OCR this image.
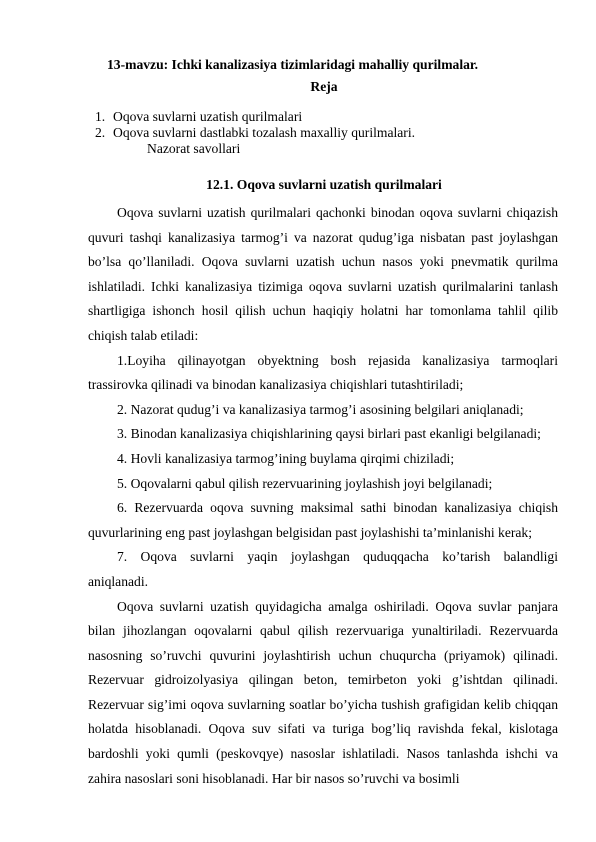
13-mavzu: Ichki kanalizasiya tizimlaridagi mahalliy qurilmalar.
Reja
1. Oqova suvlarni uzatish qurilmalari
2. Oqova suvlarni dastlabki tozalash maxalliy qurilmalari.
Nazorat savollari
12.1. Oqova suvlarni uzatish qurilmalari

Oqova suvlarni uzatish qurilmalari qachonki binodan oqova suvlarni chiqazish quvuri tashqi kanalizasiya tarmog’i va nazorat qudug’iga nisbatan past joylashgan bo’lsa qo’llaniladi. Oqova suvlarni uzatish uchun nasos yoki pnevmatik qurilma ishlatiladi. Ichki kanalizasiya tizimiga oqova suvlarni uzatish qurilmalarini tanlash shartligiga ishonch hosil qilish uchun haqiqiy holatni har tomonlama tahlil qilib chiqish talab etiladi:

1.Loyiha qilinayotgan obyektning bosh rejasida kanalizasiya tarmoqlari trassirovka qilinadi va binodan kanalizasiya chiqishlari tutashtiriladi;

2. Nazorat qudug’i va kanalizasiya tarmog’i asosining belgilari aniqlanadi;

3. Binodan kanalizasiya chiqishlarining qaysi birlari past ekanligi belgilanadi;

4. Hovli kanalizasiya tarmog’ining buylama qirqimi chiziladi;

5. Oqovalarni qabul qilish rezervuarining joylashish joyi belgilanadi;

6. Rezervuarda oqova suvning maksimal sathi binodan kanalizasiya chiqish quvurlarining eng past joylashgan belgisidan past joylashishi ta’minlanishi kerak;

7. Oqova suvlarni yaqin joylashgan quduqqacha ko’tarish balandligi aniqlanadi.

Oqova suvlarni uzatish quyidagicha amalga oshiriladi. Oqova suvlar panjara bilan jihozlangan oqovalarni qabul qilish rezervuariga yunaltiriladi. Rezervuarda nasosning so’ruvchi quvurini joylashtirish uchun chuqurcha (priyamok) qilinadi. Rezervuar gidroizolyasiya qilingan beton, temirbeton yoki g’ishtdan qilinadi. Rezervuar sig’imi oqova suvlarning soatlar bo’yicha tushish grafigidan kelib chiqqan holatda hisoblanadi. Oqova suv sifati va turiga bog’liq ravishda fekal, kislotaga bardoshli yoki qumli (peskovqye) nasoslar ishlatiladi. Nasos tanlashda ishchi va zahira nasoslari soni hisoblanadi. Har bir nasos so’ruvchi va bosimli
